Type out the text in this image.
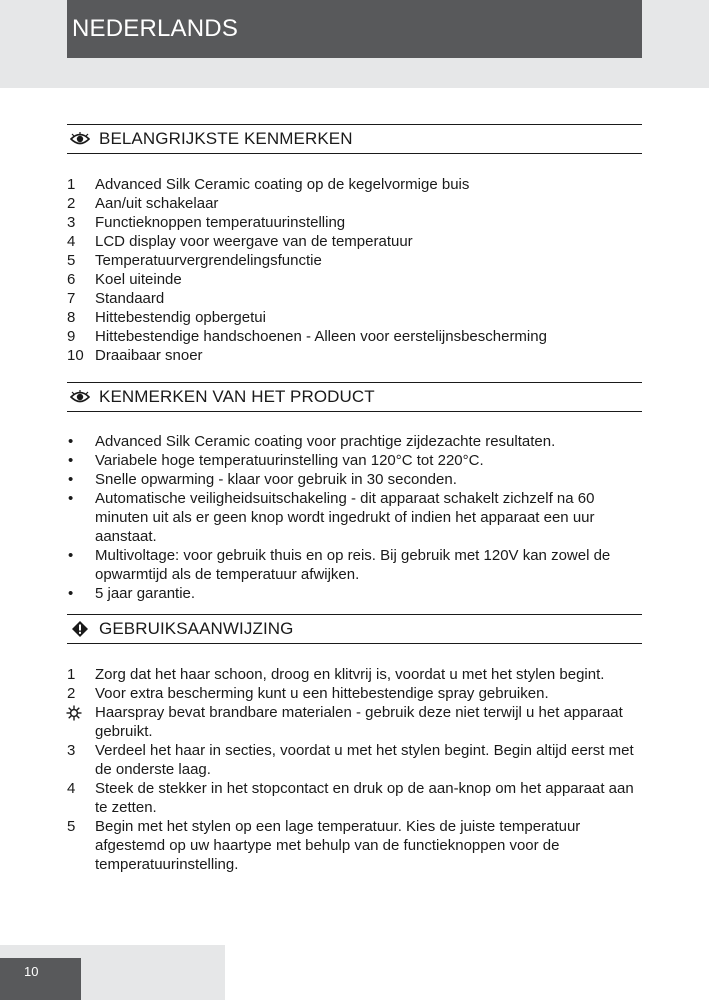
NEDERLANDS
BELANGRIJKSTE KENMERKEN
1 Advanced Silk Ceramic coating op de kegelvormige buis
2 Aan/uit schakelaar
3 Functieknoppen temperatuurinstelling
4 LCD display voor weergave van de temperatuur
5 Temperatuurvergrendelingsfunctie
6 Koel uiteinde
7 Standaard
8 Hittebestendig opbergetui
9 Hittebestendige handschoenen - Alleen voor eerstelijnsbescherming
10 Draaibaar snoer
KENMERKEN VAN HET PRODUCT
• Advanced Silk Ceramic coating voor prachtige zijdezachte resultaten.
• Variabele hoge temperatuurinstelling van 120°C tot 220°C.
• Snelle opwarming - klaar voor gebruik in 30 seconden.
• Automatische veiligheidsuitschakeling - dit apparaat schakelt zichzelf na 60 minuten uit als er geen knop wordt ingedrukt of indien het apparaat een uur aanstaat.
• Multivoltage: voor gebruik thuis en op reis. Bij gebruik met 120V kan zowel de opwarmtijd als de temperatuur afwijken.
• 5 jaar garantie.
GEBRUIKSAANWIJZING
1 Zorg dat het haar schoon, droog en klitvrij is, voordat u met het stylen begint.
2 Voor extra bescherming kunt u een hittebestendige spray gebruiken.
Haarspray bevat brandbare materialen - gebruik deze niet terwijl u het apparaat gebruikt.
3 Verdeel het haar in secties, voordat u met het stylen begint. Begin altijd eerst met de onderste laag.
4 Steek de stekker in het stopcontact en druk op de aan-knop om het apparaat aan te zetten.
5 Begin met het stylen op een lage temperatuur. Kies de juiste temperatuur afgestemd op uw haartype met behulp van de functieknoppen voor de temperatuurinstelling.
10
